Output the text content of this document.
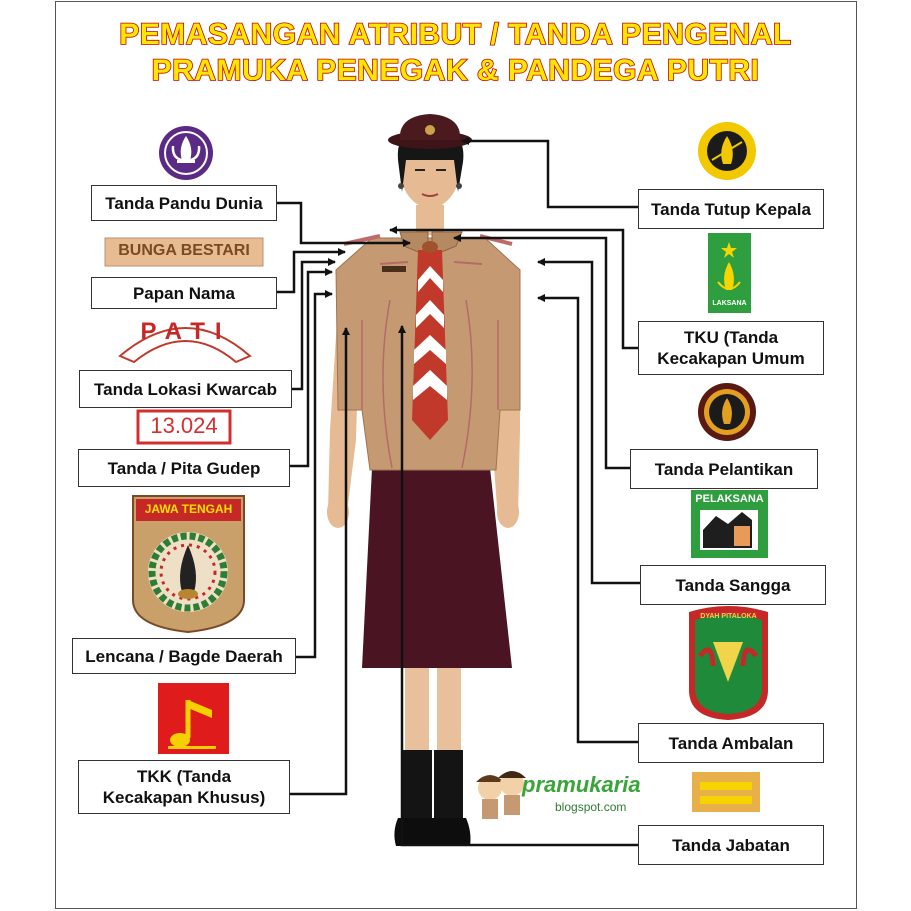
PEMASANGAN ATRIBUT / TANDA PENGENAL
PRAMUKA PENEGAK & PANDEGA PUTRI
BUNGA BESTARI
PATI
13.024
JAWA TENGAH
LAKSANA
PELAKSANA
DYAH PITALOKA
pramukaria
blogspot.com
Tanda Pandu Dunia
Papan Nama
Tanda Lokasi Kwarcab
Tanda / Pita Gudep
Lencana / Bagde Daerah
TKK (Tanda
Kecakapan Khusus)
Tanda Tutup Kepala
TKU (Tanda
Kecakapan Umum
Tanda Pelantikan
Tanda Sangga
Tanda Ambalan
Tanda Jabatan
